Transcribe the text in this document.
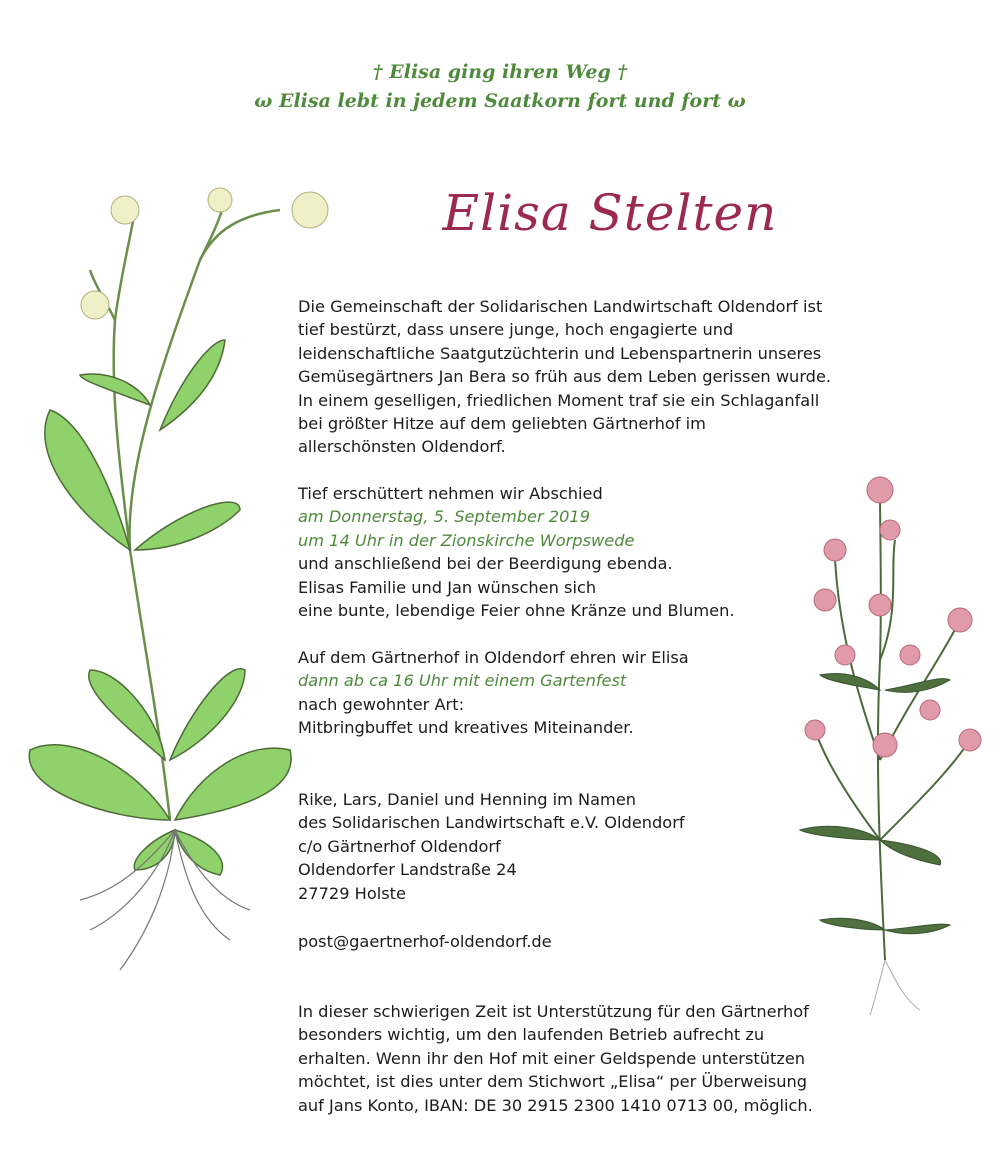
† Elisa ging ihren Weg †
ω Elisa lebt in jedem Saatkorn fort und fort ω
Elisa Stelten
Die Gemeinschaft der Solidarischen Landwirtschaft Oldendorf ist
tief bestürzt, dass unsere junge, hoch engagierte und
leidenschaftliche Saatgutzüchterin und Lebenspartnerin unseres
Gemüsegärtners Jan Bera so früh aus dem Leben gerissen wurde.
In einem geselligen, friedlichen Moment traf sie ein Schlaganfall
bei größter Hitze auf dem geliebten Gärtnerhof im
allerschönsten Oldendorf.
Tief erschüttert nehmen wir Abschied
am Donnerstag, 5. September 2019
um 14 Uhr in der Zionskirche Worpswede
und anschließend bei der Beerdigung ebenda.
Elisas Familie und Jan wünschen sich
eine bunte, lebendige Feier ohne Kränze und Blumen.
Auf dem Gärtnerhof in Oldendorf ehren wir Elisa
dann ab ca 16 Uhr mit einem Gartenfest
nach gewohnter Art:
Mitbringbuffet und kreatives Miteinander.
Rike, Lars, Daniel und Henning im Namen
des Solidarischen Landwirtschaft e.V. Oldendorf
c/o Gärtnerhof Oldendorf
Oldendorfer Landstraße 24
27729 Holste
post@gaertnerhof-oldendorf.de
In dieser schwierigen Zeit ist Unterstützung für den Gärtnerhof
besonders wichtig, um den laufenden Betrieb aufrecht zu
erhalten. Wenn ihr den Hof mit einer Geldspende unterstützen
möchtet, ist dies unter dem Stichwort „Elisa“ per Überweisung
auf Jans Konto, IBAN: DE 30 2915 2300 1410 0713 00, möglich.
